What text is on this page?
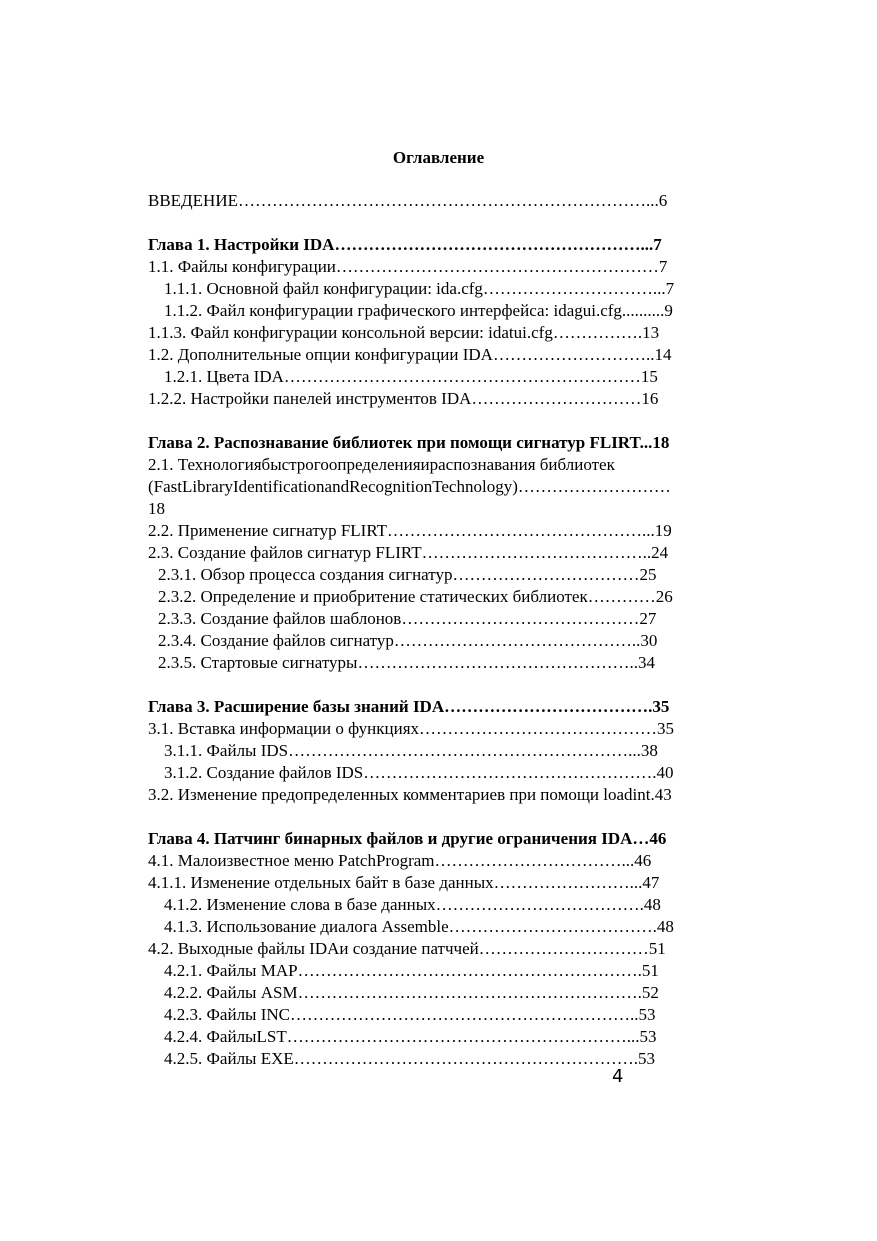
Оглавление
ВВЕДЕНИЕ………………………………………………………………...6
Глава 1. Настройки IDA………………………………………………...7
1.1. Файлы конфигурации…………………………………………………7
1.1.1. Основной файл конфигурации: ida.cfg…………………………...7
1.1.2. Файл конфигурации графического интерфейса: idagui.cfg..........9
1.1.3. Файл конфигурации консольной версии: idatui.cfg…………….13
1.2. Дополнительные опции конфигурации IDA………………………..14
1.2.1. Цвета IDA………………………………………………………15
1.2.2. Настройки панелей инструментов IDA…………………………16
Глава 2. Распознавание библиотек при помощи сигнатур FLIRT...18
2.1. Технологиябыстрогоопределенияираспознавания библиотек
(FastLibraryIdentificationandRecognitionTechnology)………………………
18
2.2. Применение сигнатур FLIRT………………………………………...19
2.3. Создание файлов сигнатур FLIRT…………………………………..24
2.3.1. Обзор процесса создания сигнатур……………………………25
2.3.2. Определение и приобритение статических библиотек…………26
2.3.3. Создание файлов шаблонов……………………………………27
2.3.4. Создание файлов сигнатур……………………………………..30
2.3.5. Стартовые сигнатуры…………………………………………..34
Глава 3. Расширение базы знаний IDA……………………………….35
3.1. Вставка информации о функциях……………………………………35
3.1.1. Файлы IDS……………………………………………………...38
3.1.2. Создание файлов IDS…………………………………………….40
3.2. Изменение предопределенных комментариев при помощи loadint.43
Глава 4. Патчинг бинарных файлов и другие ограничения IDA…46
4.1. Малоизвестное меню PatchProgram……………………………...46
4.1.1. Изменение отдельных байт в базе данных……………………...47
4.1.2. Изменение слова в базе данных……………………………….48
4.1.3. Использование диалога Assemble……………………………….48
4.2. Выходные файлы IDAи создание патччей…………………………51
4.2.1. Файлы MAP…………………………………………………….51
4.2.2. Файлы ASM…………………………………………………….52
4.2.3. Файлы INC……………………………………………………..53
4.2.4. ФайлыLST……………………………………………………...53
4.2.5. Файлы EXE…………………………………………………….53
4
